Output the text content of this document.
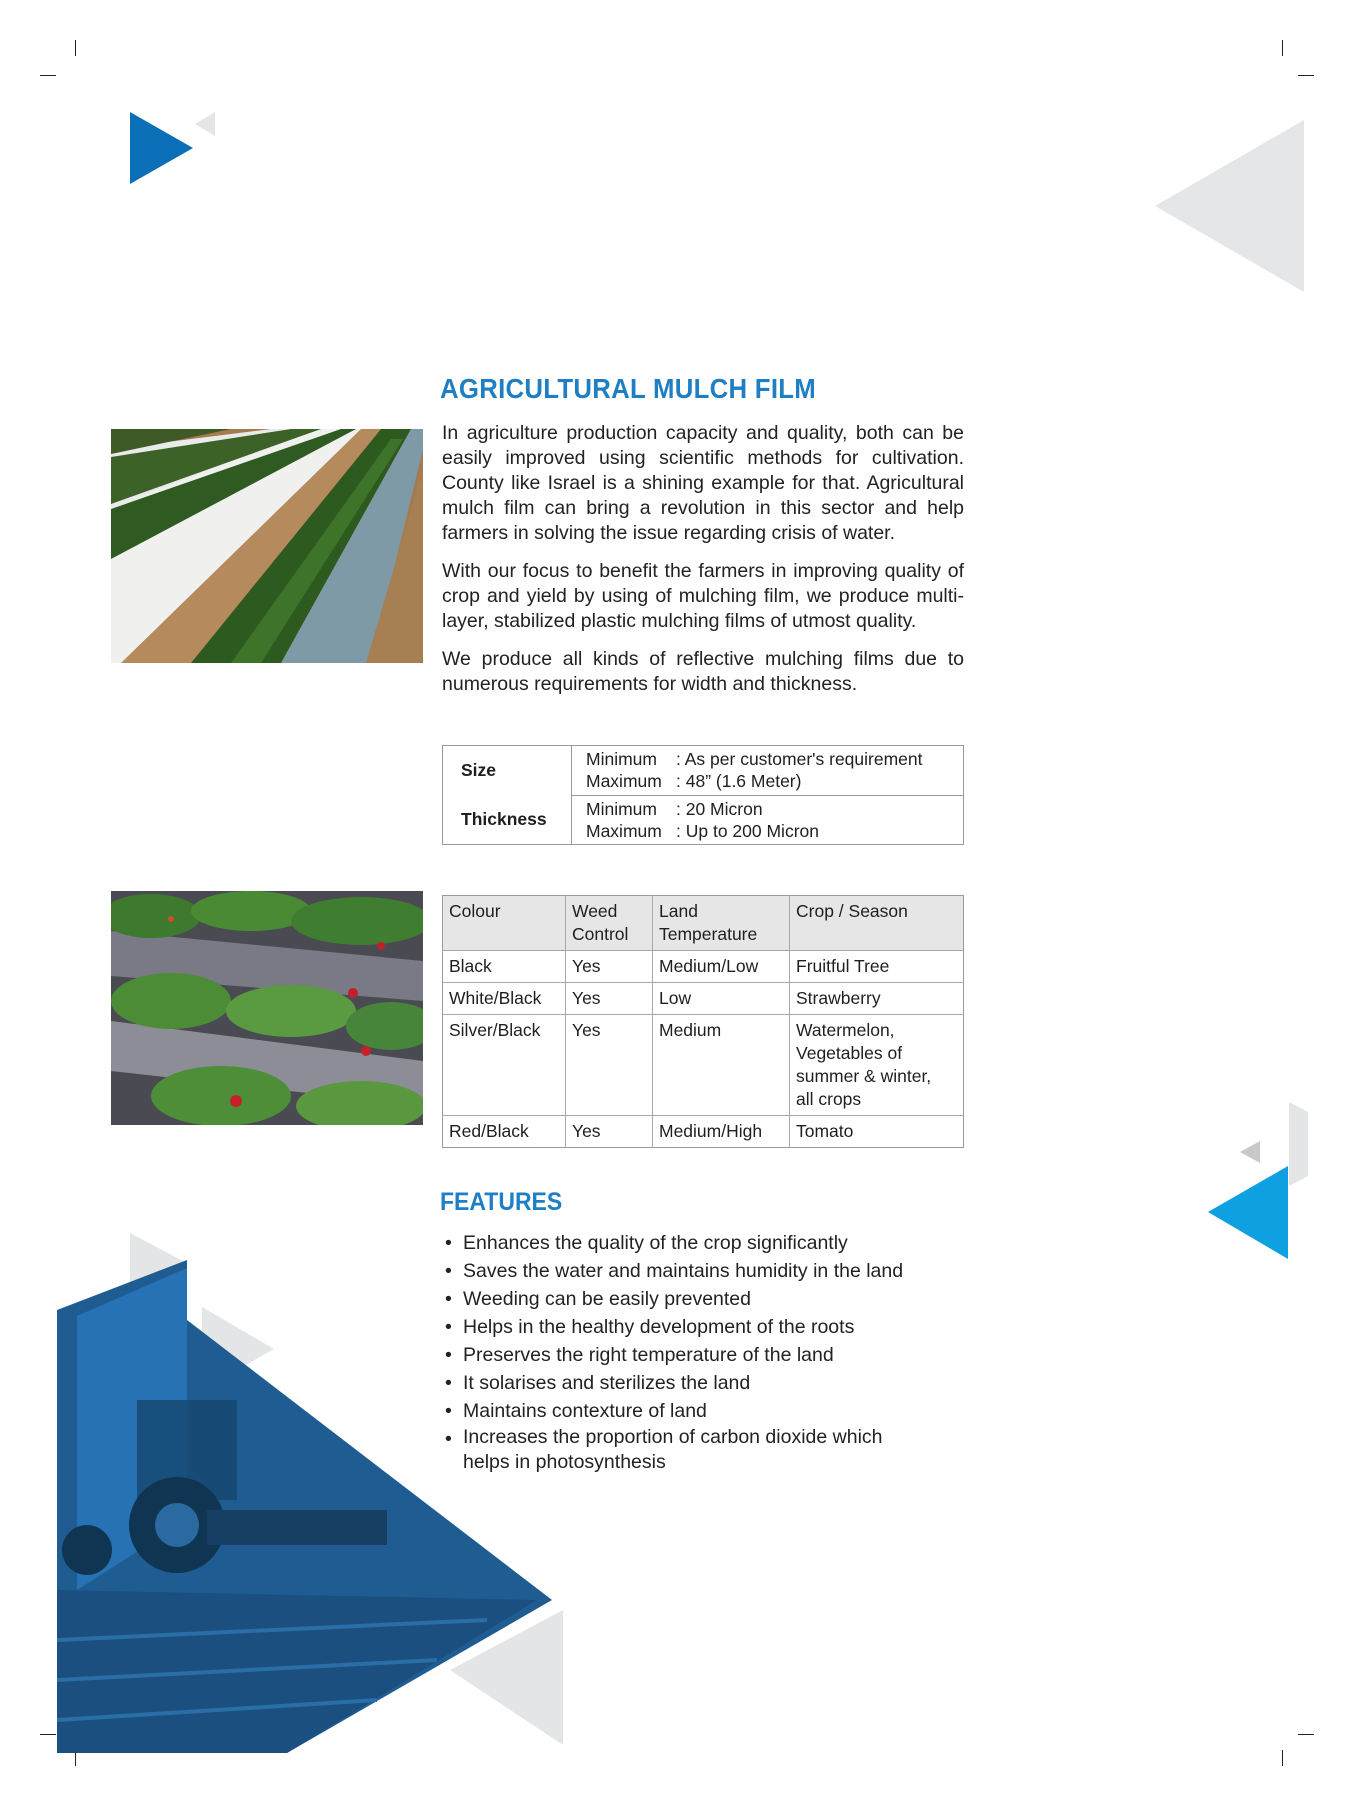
AGRICULTURAL MULCH FILM
In agriculture production capacity and quality, both can be easily improved using scientific methods for cultivation. County like Israel is a shining example for that. Agricultural mulch film can bring a revolution in this sector and help farmers in solving the issue regarding crisis of water.
With our focus to benefit the farmers in improving quality of crop and yield by using of mulching film, we produce multi-layer, stabilized plastic mulching films of utmost quality.
We produce all kinds of reflective mulching films due to numerous requirements for width and thickness.
Size	Minimum : As per customer's requirement
Maximum : 48” (1.6 Meter)

Thickness	Minimum : 20 Micron
Maximum : Up to 200 Micron
Colour	Weed Control	Land Temperature	Crop / Season
Black	Yes	Medium/Low	Fruitful Tree
White/Black	Yes	Low	Strawberry
Silver/Black	Yes	Medium	Watermelon, Vegetables of summer & winter, all crops
Red/Black	Yes	Medium/High	Tomato
FEATURES
• Enhances the quality of the crop significantly
• Saves the water and maintains humidity in the land
• Weeding can be easily prevented
• Helps in the healthy development of the roots
• Preserves the right temperature of the land
• It solarises and sterilizes the land
• Maintains contexture of land
• Increases the proportion of carbon dioxide which helps in photosynthesis
